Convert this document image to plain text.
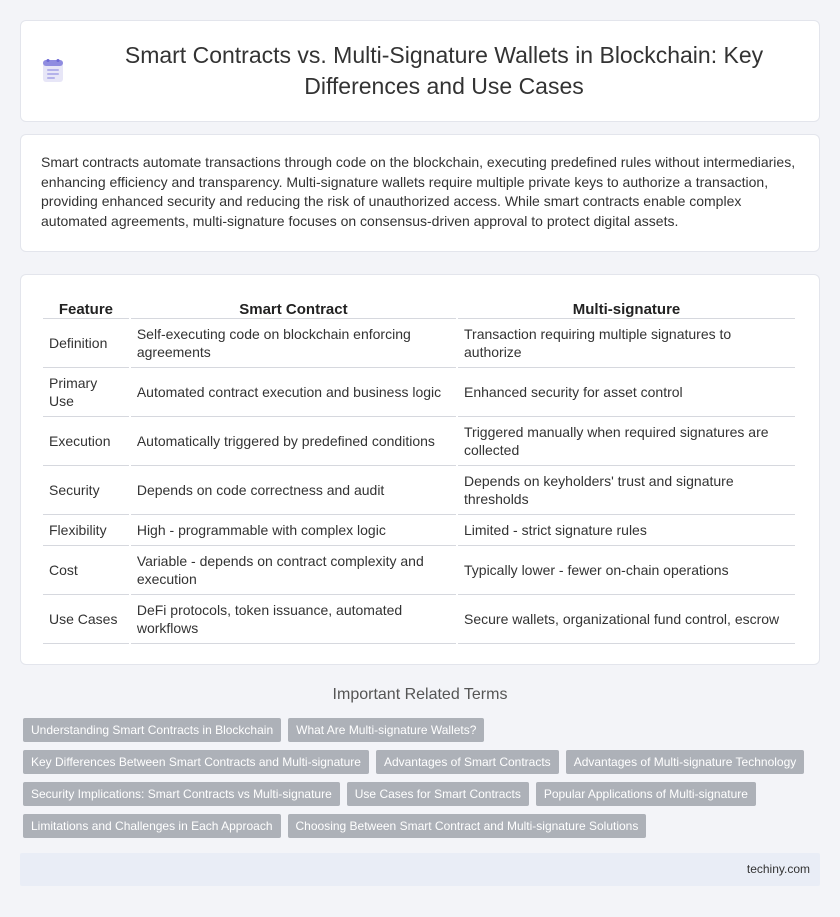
Smart Contracts vs. Multi-Signature Wallets in Blockchain: Key Differences and Use Cases

Smart contracts automate transactions through code on the blockchain, executing predefined rules without intermediaries, enhancing efficiency and transparency. Multi-signature wallets require multiple private keys to authorize a transaction, providing enhanced security and reducing the risk of unauthorized access. While smart contracts enable complex automated agreements, multi-signature focuses on consensus-driven approval to protect digital assets.

Feature	Smart Contract	Multi-signature
Definition	Self-executing code on blockchain enforcing agreements	Transaction requiring multiple signatures to authorize
Primary Use	Automated contract execution and business logic	Enhanced security for asset control
Execution	Automatically triggered by predefined conditions	Triggered manually when required signatures are collected
Security	Depends on code correctness and audit	Depends on keyholders' trust and signature thresholds
Flexibility	High - programmable with complex logic	Limited - strict signature rules
Cost	Variable - depends on contract complexity and execution	Typically lower - fewer on-chain operations
Use Cases	DeFi protocols, token issuance, automated workflows	Secure wallets, organizational fund control, escrow
Important Related Terms
Understanding Smart Contracts in Blockchain	What Are Multi-signature Wallets?
Key Differences Between Smart Contracts and Multi-signature	Advantages of Smart Contracts	Advantages of Multi-signature Technology
Security Implications: Smart Contracts vs Multi-signature	Use Cases for Smart Contracts	Popular Applications of Multi-signature
Limitations and Challenges in Each Approach	Choosing Between Smart Contract and Multi-signature Solutions
techiny.com
